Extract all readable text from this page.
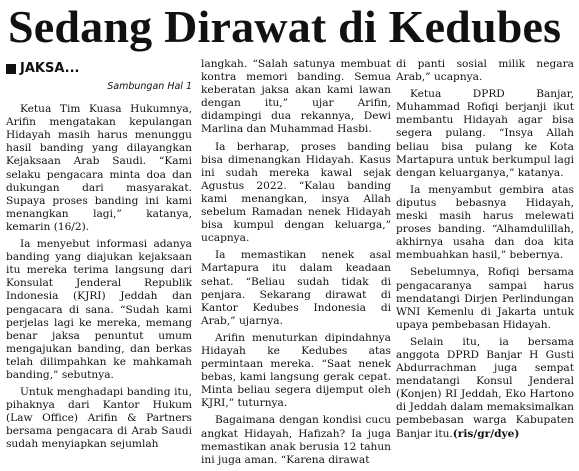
Sedang Dirawat di Kedubes
JAKSA...
Sambungan Hal 1

Ketua Tim Kuasa Hukumnya, Arifin mengatakan kepulangan Hidayah masih harus menunggu hasil banding yang dilayangkan Kejaksaan Arab Saudi. “Kami selaku pengacara minta doa dan dukungan dari masyarakat. Supaya proses banding ini kami menangkan lagi,” katanya, kemarin (16/2).

Ia menyebut informasi adanya banding yang diajukan kejaksaan itu mereka terima langsung dari Konsulat Jenderal Republik Indonesia (KJRI) Jeddah dan pengacara di sana. “Sudah kami perjelas lagi ke mereka, memang benar jaksa penuntut umum mengajukan banding, dan berkas telah dilimpahkan ke mahkamah banding,” sebutnya.

Untuk menghadapi banding itu, pihaknya dari Kantor Hukum (Law Office) Arifin & Partners bersama pengacara di Arab Saudi sudah menyiapkan sejumlah

langkah. “Salah satunya membuat kontra memori banding. Semua keberatan jaksa akan kami lawan dengan itu,” ujar Arifin, didampingi dua rekannya, Dewi Marlina dan Muhammad Hasbi.

Ia berharap, proses banding bisa dimenangkan Hidayah. Kasus ini sudah mereka kawal sejak Agustus 2022. “Kalau banding kami menangkan, insya Allah sebelum Ramadan nenek Hidayah bisa kumpul dengan keluarga,” ucapnya.

Ia memastikan nenek asal Martapura itu dalam keadaan sehat. “Beliau sudah tidak di penjara. Sekarang dirawat di Kantor Kedubes Indonesia di Arab,” ujarnya.

Arifin menuturkan dipindahnya Hidayah ke Kedubes atas permintaan mereka. “Saat nenek bebas, kami langsung gerak cepat. Minta beliau segera dijemput oleh KJRI,” tuturnya.

Bagaimana dengan kondisi cucu angkat Hidayah, Hafizah? Ia juga memastikan anak berusia 12 tahun ini juga aman. “Karena dirawat

di panti sosial milik negara Arab,” ucapnya.

Ketua DPRD Banjar, Muhammad Rofiqi berjanji ikut membantu Hidayah agar bisa segera pulang. “Insya Allah beliau bisa pulang ke Kota Martapura untuk berkumpul lagi dengan keluarganya,” katanya.

Ia menyambut gembira atas diputus bebasnya Hidayah, meski masih harus melewati proses banding. “Alhamdulillah, akhirnya usaha dan doa kita membuahkan hasil,” bebernya.

Sebelumnya, Rofiqi bersama pengacaranya sampai harus mendatangi Dirjen Perlindungan WNI Kemenlu di Jakarta untuk upaya pembebasan Hidayah.

Selain itu, ia bersama anggota DPRD Banjar H Gusti Abdurrachman juga sempat mendatangi Konsul Jenderal (Konjen) RI Jeddah, Eko Hartono di Jeddah dalam memaksimalkan pembebasan warga Kabupaten Banjar itu.(ris/gr/dye)
